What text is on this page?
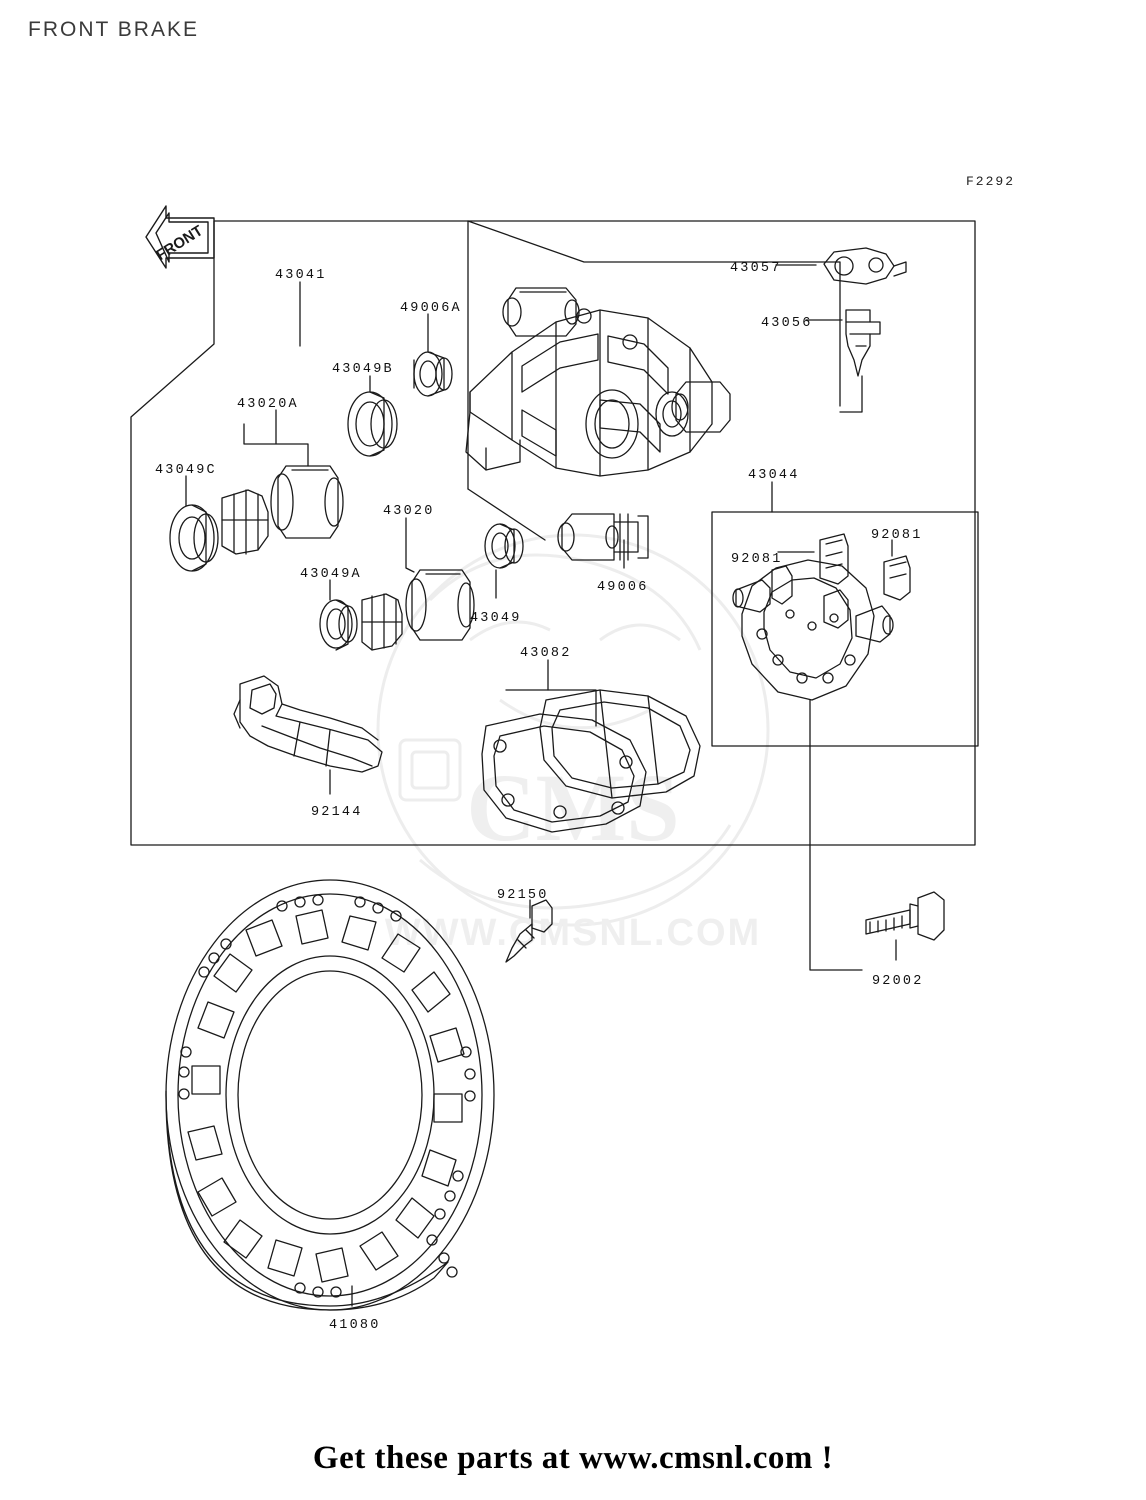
FRONT BRAKE
F2292
CMS
WWW.CMSNL.COM
FRONT
43041
49006A
43049B
43020A
43049C
43020
43049A
43049
49006
43057
43056
43044
92081
92081
43082
92144
92150
92002
41080
Get these parts at www.cmsnl.com !
